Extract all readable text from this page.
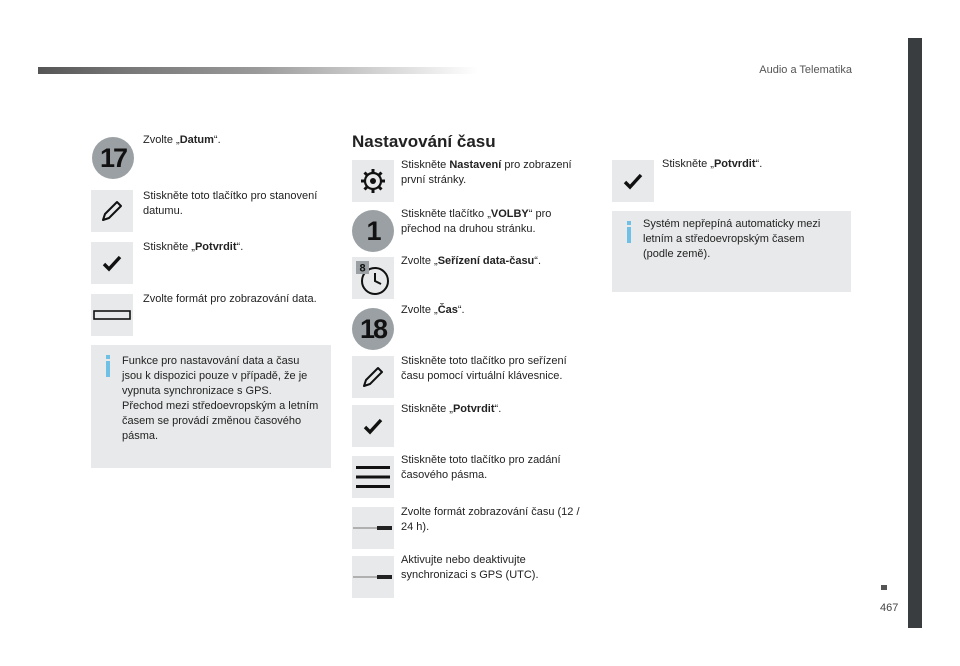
Audio a Telematika
467
17
Zvolte „Datum“.
Stiskněte toto tlačítko pro stanovení datumu.
Stiskněte „Potvrdit“.
Zvolte formát pro zobrazování data.
Funkce pro nastavování data a času jsou k dispozici pouze v případě, že je vypnuta synchronizace s GPS.
Přechod mezi středoevropským a letním časem se provádí změnou časového pásma.
Nastavování času
Stiskněte Nastavení pro zobrazení první stránky.
1
Stiskněte tlačítko „VOLBY“ pro přechod na druhou stránku.
8
Zvolte „Seřízení data-času“.
18
Zvolte „Čas“.
Stiskněte toto tlačítko pro seřízení času pomocí virtuální klávesnice.
Stiskněte „Potvrdit“.
Stiskněte toto tlačítko pro zadání časového pásma.
Zvolte formát zobrazování času (12 / 24 h).
Aktivujte nebo deaktivujte synchronizaci s GPS (UTC).
Stiskněte „Potvrdit“.
Systém nepřepíná automaticky mezi letním a středoevropským časem (podle země).
